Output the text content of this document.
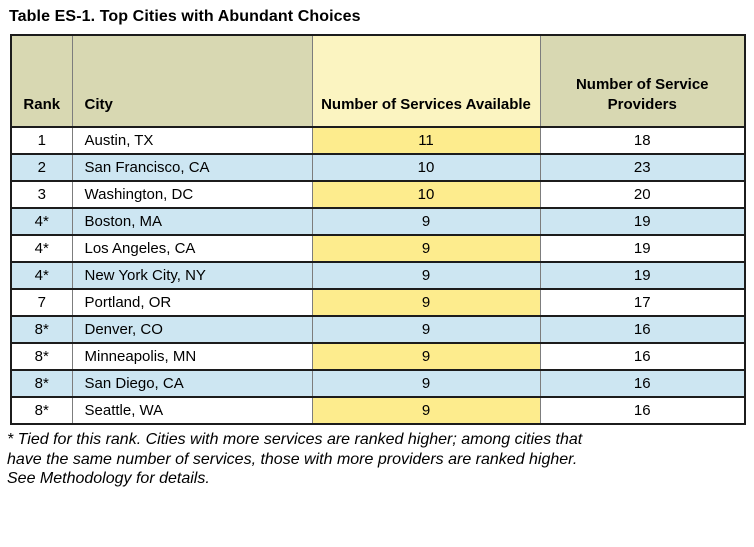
Table ES-1. Top Cities with Abundant Choices
Rank	City	Number of Services Available	Number of Service Providers
1	Austin, TX	11	18
2	San Francisco, CA	10	23
3	Washington, DC	10	20
4*	Boston, MA	9	19
4*	Los Angeles, CA	9	19
4*	New York City, NY	9	19
7	Portland, OR	9	17
8*	Denver, CO	9	16
8*	Minneapolis, MN	9	16
8*	San Diego, CA	9	16
8*	Seattle, WA	9	16
* Tied for this rank. Cities with more services are ranked higher; among cities that
have the same number of services, those with more providers are ranked higher.
See Methodology for details.
